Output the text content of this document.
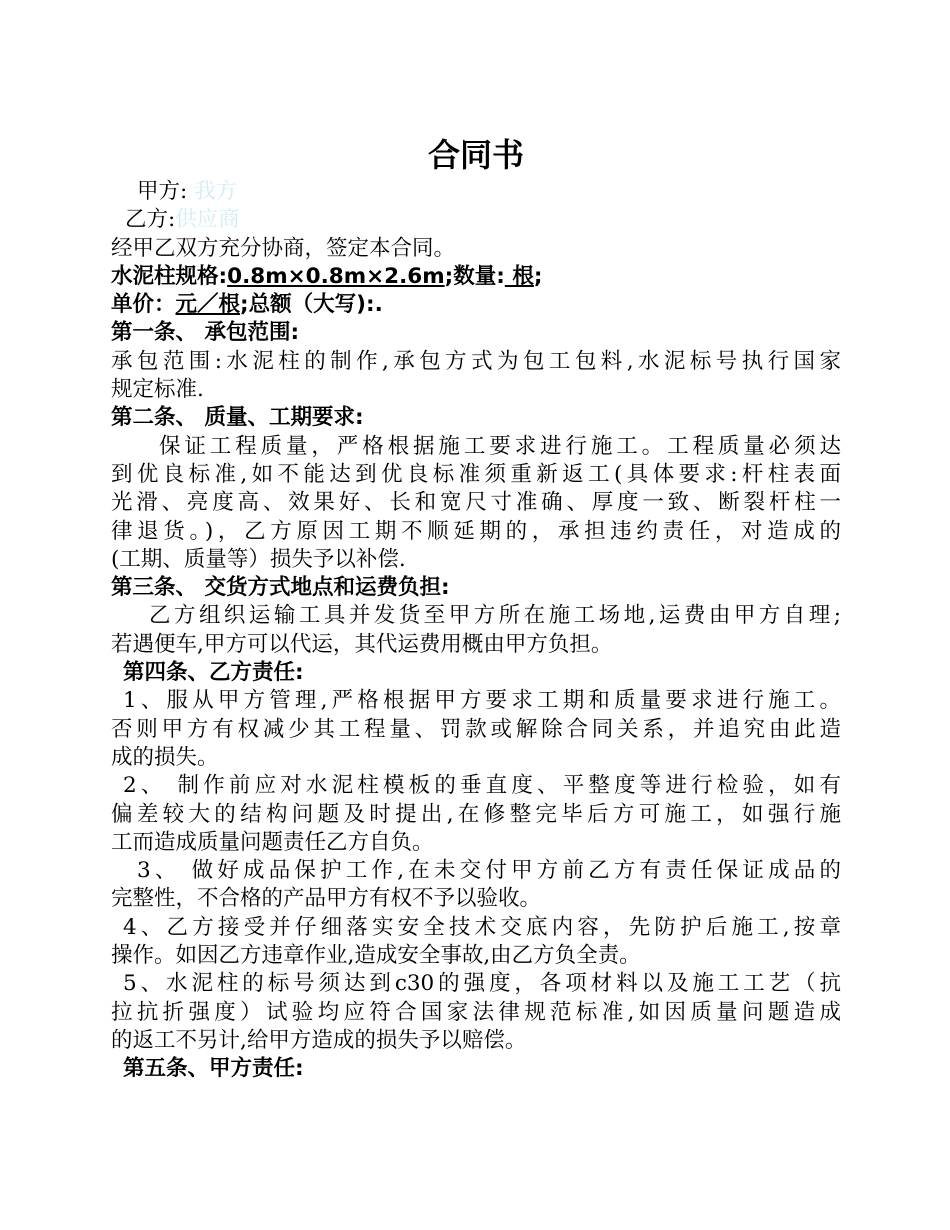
合同书
甲方: 我方
乙方:供应商
经甲乙双方充分协商，签定本合同。
水泥柱规格:0.8m×0.8m×2.6m;数量: 根;
单价：元／根;总额（大写):.
第一条、 承包范围:
承包范围:水泥柱的制作,承包方式为包工包料,水泥标号执行国家
规定标准.
第二条、 质量、工期要求:
保证工程质量，严格根据施工要求进行施工。工程质量必须达
到优良标准,如不能达到优良标准须重新返工(具体要求:杆柱表面
光滑、亮度高、效果好、长和宽尺寸准确、厚度一致、断裂杆柱一
律退货。)，乙方原因工期不顺延期的，承担违约责任，对造成的
(工期、质量等）损失予以补偿.
第三条、 交货方式地点和运费负担:
乙方组织运输工具并发货至甲方所在施工场地,运费由甲方自理;
若遇便车,甲方可以代运，其代运费用概由甲方负担。
第四条、乙方责任:
1、服从甲方管理,严格根据甲方要求工期和质量要求进行施工。
否则甲方有权减少其工程量、罚款或解除合同关系，并追究由此造
成的损失。
2、 制作前应对水泥柱模板的垂直度、平整度等进行检验，如有
偏差较大的结构问题及时提出,在修整完毕后方可施工，如强行施
工而造成质量问题责任乙方自负。
3、 做好成品保护工作,在未交付甲方前乙方有责任保证成品的
完整性，不合格的产品甲方有权不予以验收。
4、乙方接受并仔细落实安全技术交底内容，先防护后施工,按章
操作。如因乙方违章作业,造成安全事故,由乙方负全责。
5、水泥柱的标号须达到c30的强度，各项材料以及施工工艺（抗
拉抗折强度）试验均应符合国家法律规范标准,如因质量问题造成
的返工不另计,给甲方造成的损失予以赔偿。
第五条、甲方责任:
